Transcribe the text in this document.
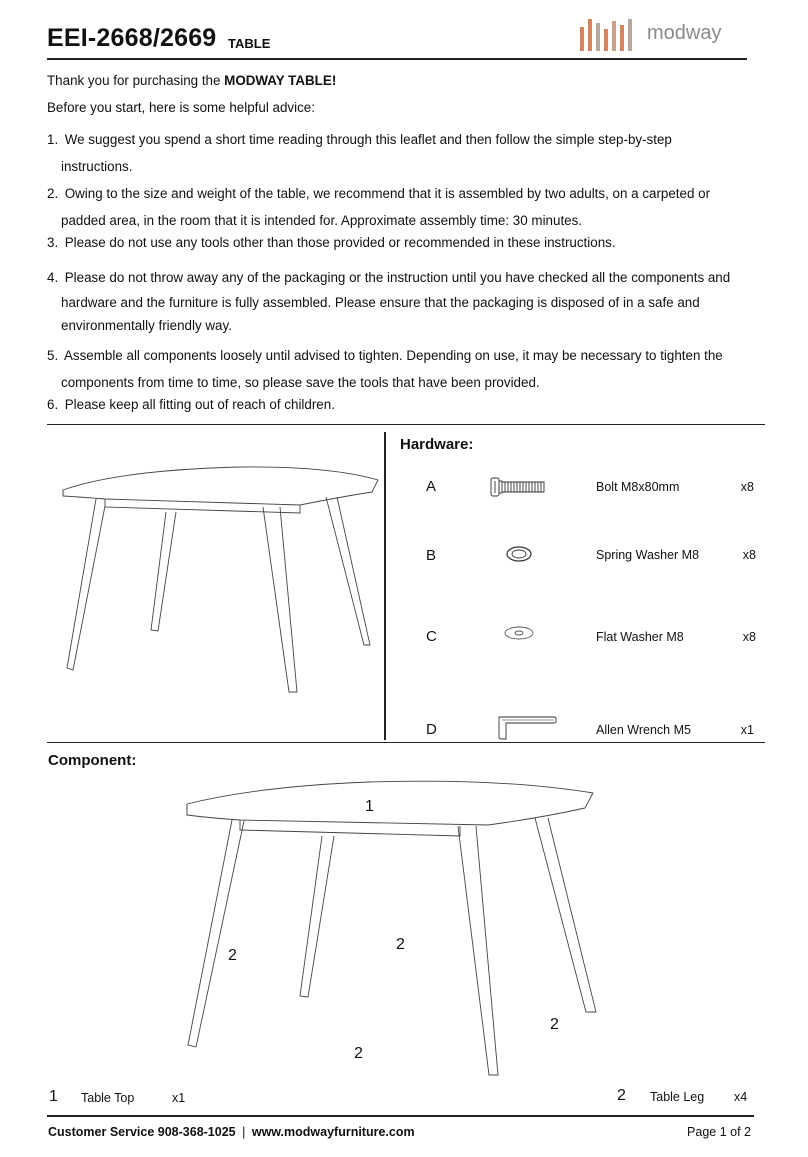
EEI-2668/2669 TABLE	modway
Thank you for purchasing the MODWAY TABLE!
Before you start, here is some helpful advice:
1. We suggest you spend a short time reading through this leaflet and then follow the simple step-by-step
instructions.
2. Owing to the size and weight of the table, we recommend that it is assembled by two adults, on a carpeted or
padded area, in the room that it is intended for. Approximate assembly time: 30 minutes.
3. Please do not use any tools other than those provided or recommended in these instructions.
4. Please do not throw away any of the packaging or the instruction until you have checked all the components and
hardware and the furniture is fully assembled. Please ensure that the packaging is disposed of in a safe and
environmentally friendly way.
5. Assemble all components loosely until advised to tighten. Depending on use, it may be necessary to tighten the
components from time to time, so please save the tools that have been provided.
6. Please keep all fitting out of reach of children.
Hardware:
A	Bolt M8x80mm	x8
B	Spring Washer M8	x8
C	Flat Washer M8	x8
D	Allen Wrench M5	x1
Component:
1
2
2
2
2
1 Table Top	x1	2 Table Leg x4
Customer Service 908-368-1025 | www.modwayfurniture.com	Page 1 of 2
